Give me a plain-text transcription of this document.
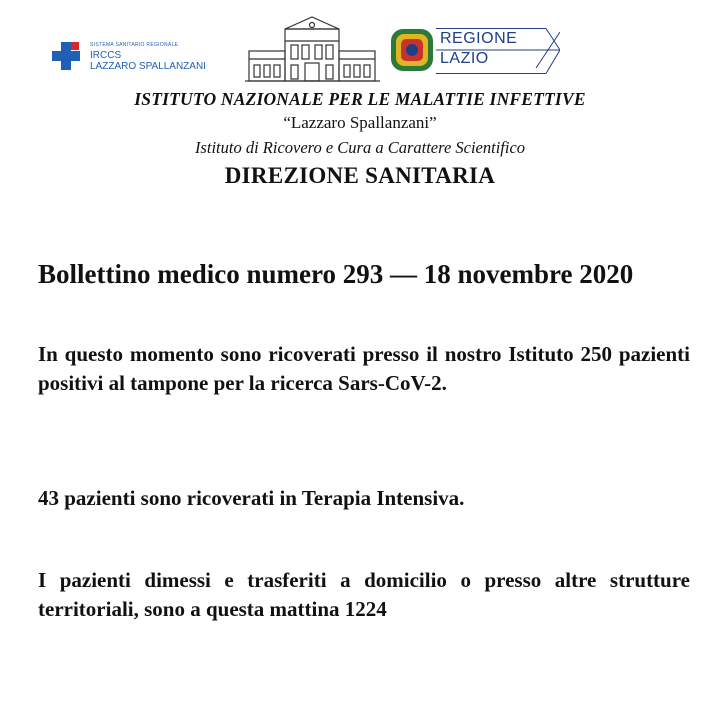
SISTEMA SANITARIO REGIONALE
IRCCS
LAZZARO SPALLANZANI
REGIONE
LAZIO
ISTITUTO NAZIONALE PER LE MALATTIE INFETTIVE
“Lazzaro Spallanzani”
Istituto di Ricovero e Cura a Carattere Scientifico
DIREZIONE SANITARIA
Bollettino medico numero 293 — 18 novembre 2020
In questo momento sono ricoverati presso il nostro Istituto 250 pazienti positivi al tampone per la ricerca Sars-CoV-2.
43 pazienti sono ricoverati in Terapia Intensiva.
I pazienti dimessi e trasferiti a domicilio o presso altre strutture territoriali, sono a questa mattina 1224
